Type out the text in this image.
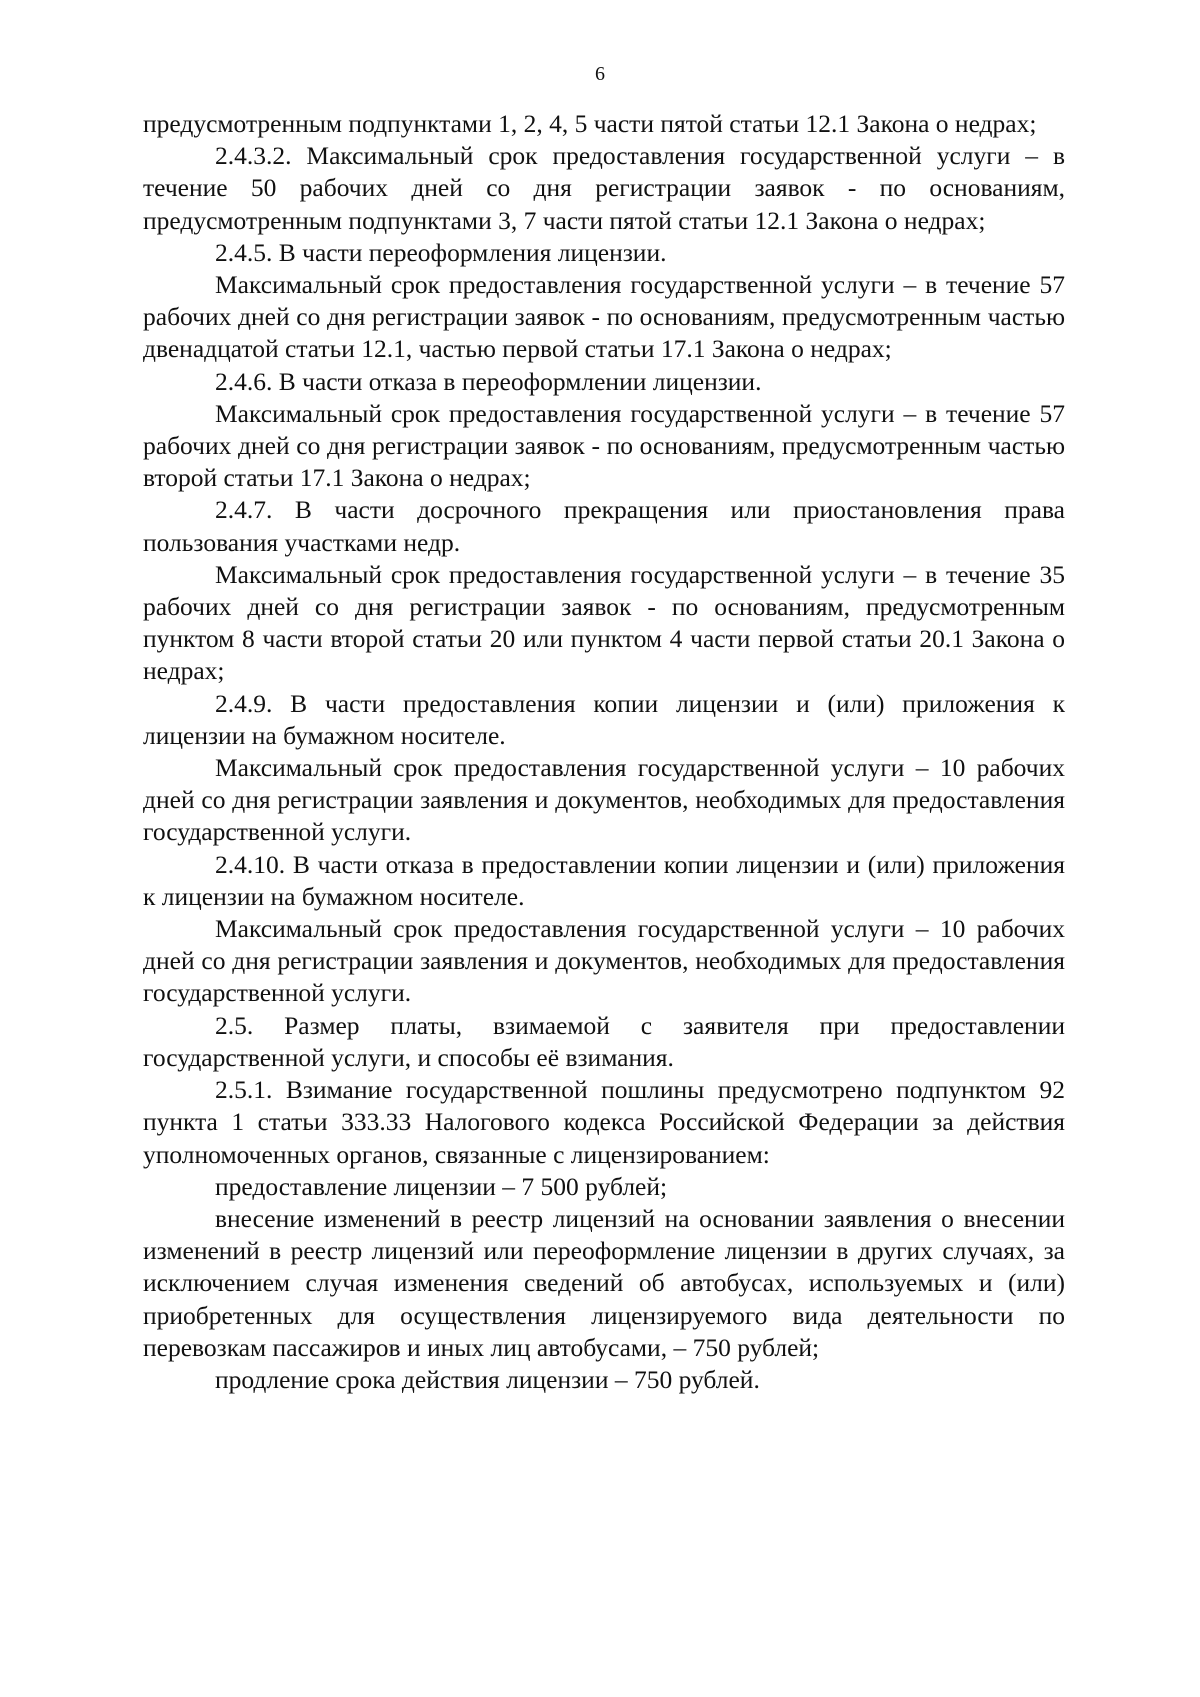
6

предусмотренным подпунктами 1, 2, 4, 5 части пятой статьи 12.1 Закона о недрах;

2.4.3.2. Максимальный срок предоставления государственной услуги – в течение 50 рабочих дней со дня регистрации заявок - по основаниям, предусмотренным подпунктами 3, 7 части пятой статьи 12.1 Закона о недрах;

2.4.5. В части переоформления лицензии.

Максимальный срок предоставления государственной услуги – в течение 57 рабочих дней со дня регистрации заявок - по основаниям, предусмотренным частью двенадцатой статьи 12.1, частью первой статьи 17.1 Закона о недрах;

2.4.6. В части отказа в переоформлении лицензии.

Максимальный срок предоставления государственной услуги – в течение 57 рабочих дней со дня регистрации заявок - по основаниям, предусмотренным частью второй статьи 17.1 Закона о недрах;

2.4.7. В части досрочного прекращения или приостановления права пользования участками недр.

Максимальный срок предоставления государственной услуги – в течение 35 рабочих дней со дня регистрации заявок - по основаниям, предусмотренным пунктом 8 части второй статьи 20 или пунктом 4 части первой статьи 20.1 Закона о недрах;

2.4.9. В части предоставления копии лицензии и (или) приложения к лицензии на бумажном носителе.

Максимальный срок предоставления государственной услуги – 10 рабочих дней со дня регистрации заявления и документов, необходимых для предоставления государственной услуги.

2.4.10. В части отказа в предоставлении копии лицензии и (или) приложения к лицензии на бумажном носителе.

Максимальный срок предоставления государственной услуги – 10 рабочих дней со дня регистрации заявления и документов, необходимых для предоставления государственной услуги.

2.5. Размер платы, взимаемой с заявителя при предоставлении государственной услуги, и способы её взимания.

2.5.1. Взимание государственной пошлины предусмотрено подпунктом 92 пункта 1 статьи 333.33 Налогового кодекса Российской Федерации за действия уполномоченных органов, связанные с лицензированием:

предоставление лицензии – 7 500 рублей;

внесение изменений в реестр лицензий на основании заявления о внесении изменений в реестр лицензий или переоформление лицензии в других случаях, за исключением случая изменения сведений об автобусах, используемых и (или) приобретенных для осуществления лицензируемого вида деятельности по перевозкам пассажиров и иных лиц автобусами, – 750 рублей;

продление срока действия лицензии – 750 рублей.
